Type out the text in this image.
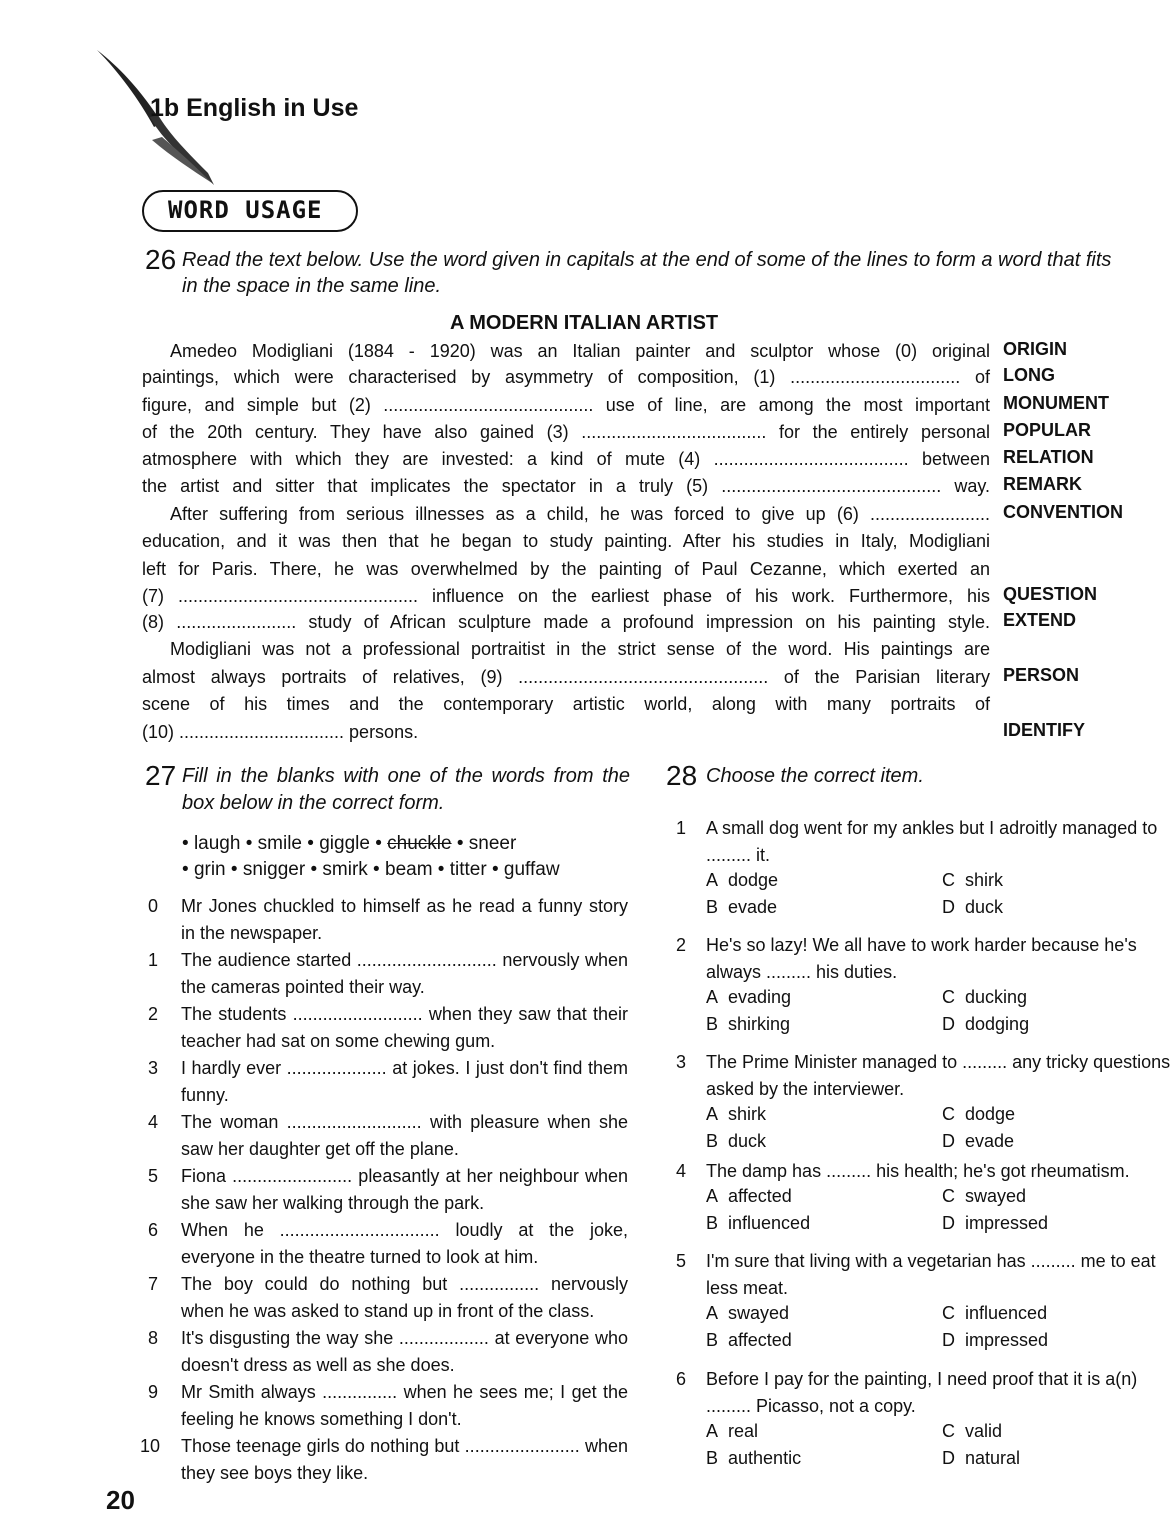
1b English in Use
WORD USAGE
26 Read the text below. Use the word given in capitals at the end of some of the lines to form a word that fits
in the space in the same line.
A MODERN ITALIAN ARTIST
Amedeo Modigliani (1884 - 1920) was an Italian painter and sculptor whose (0) original
paintings, which were characterised by asymmetry of composition, (1) .................................. of
figure, and simple but (2) .......................................... use of line, are among the most important
of the 20th century. They have also gained (3) ..................................... for the entirely personal
atmosphere with which they are invested: a kind of mute (4) ....................................... between
the artist and sitter that implicates the spectator in a truly (5) ............................................ way.
After suffering from serious illnesses as a child, he was forced to give up (6) ........................
education, and it was then that he began to study painting. After his studies in Italy, Modigliani
left for Paris. There, he was overwhelmed by the painting of Paul Cezanne, which exerted an
(7) ................................................ influence on the earliest phase of his work. Furthermore, his
(8) ........................ study of African sculpture made a profound impression on his painting style.
Modigliani was not a professional portraitist in the strict sense of the word. His paintings are
almost always portraits of relatives, (9) .................................................. of the Parisian literary
scene of his times and the contemporary artistic world, along with many portraits of
(10) ................................. persons.
ORIGIN
LONG
MONUMENT
POPULAR
RELATION
REMARK
CONVENTION
QUESTION
EXTEND
PERSON
IDENTIFY
27 Fill in the blanks with one of the words from the
box below in the correct form.
• laugh • smile • giggle • chuckle • sneer
• grin • snigger • smirk • beam • titter • guffaw
0	Mr Jones chuckled to himself as he read a funny story in the newspaper.
1	The audience started ............................ nervously when the cameras pointed their way.
2	The students .......................... when they saw that their teacher had sat on some chewing gum.
3	I hardly ever .................... at jokes. I just don't find them funny.
4	The woman ........................... with pleasure when she saw her daughter get off the plane.
5	Fiona ........................ pleasantly at her neighbour when she saw her walking through the park.
6	When he ................................ loudly at the joke, everyone in the theatre turned to look at him.
7	The boy could do nothing but ................ nervously when he was asked to stand up in front of the class.
8	It's disgusting the way she .................. at everyone who doesn't dress as well as she does.
9	Mr Smith always ............... when he sees me; I get the feeling he knows something I don't.
10 Those teenage girls do nothing but ....................... when they see boys they like.
28 Choose the correct item.
1 A small dog went for my ankles but I adroitly managed to ......... it.
A  dodge
B  evade
C  shirk
D  duck
2 He's so lazy! We all have to work harder because he's always ......... his duties.
A  evading
B  shirking
C  ducking
D  dodging
3 The Prime Minister managed to ......... any tricky questions asked by the interviewer.
A  shirk
B  duck
C  dodge
D  evade
4 The damp has ......... his health; he's got rheumatism.
A  affected
B  influenced
C  swayed
D  impressed
5 I'm sure that living with a vegetarian has ......... me to eat less meat.
A  swayed
B  affected
C  influenced
D  impressed
6 Before I pay for the painting, I need proof that it is a(n) ......... Picasso, not a copy.
A  real
B  authentic
C  valid
D  natural
20
